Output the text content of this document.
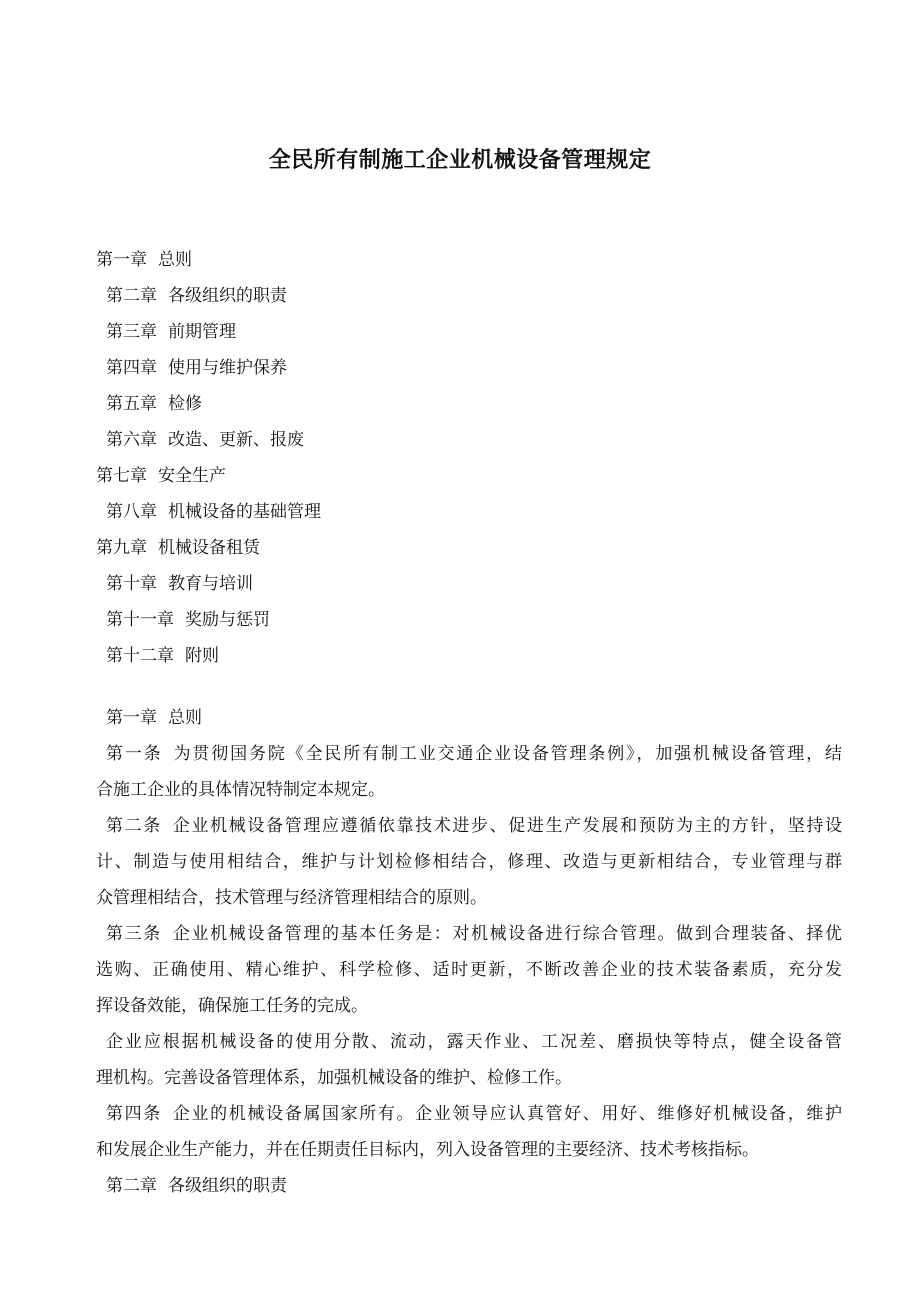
全民所有制施工企业机械设备管理规定
第一章 总则
第二章 各级组织的职责
第三章 前期管理
第四章 使用与维护保养
第五章 检修
第六章 改造、更新、报废
第七章 安全生产
第八章 机械设备的基础管理
第九章 机械设备租赁
第十章 教育与培训
第十一章 奖励与惩罚
第十二章 附则
第一章 总则
第一条 为贯彻国务院《全民所有制工业交通企业设备管理条例》，加强机械设备管理，结
合施工企业的具体情况特制定本规定。
第二条 企业机械设备管理应遵循依靠技术进步、促进生产发展和预防为主的方针，坚持设
计、制造与使用相结合，维护与计划检修相结合，修理、改造与更新相结合，专业管理与群
众管理相结合，技术管理与经济管理相结合的原则。
第三条 企业机械设备管理的基本任务是：对机械设备进行综合管理。做到合理装备、择优
选购、正确使用、精心维护、科学检修、适时更新，不断改善企业的技术装备素质，充分发
挥设备效能，确保施工任务的完成。
企业应根据机械设备的使用分散、流动，露天作业、工况差、磨损快等特点，健全设备管
理机构。完善设备管理体系，加强机械设备的维护、检修工作。
第四条 企业的机械设备属国家所有。企业领导应认真管好、用好、维修好机械设备，维护
和发展企业生产能力，并在任期责任目标内，列入设备管理的主要经济、技术考核指标。
第二章 各级组织的职责
